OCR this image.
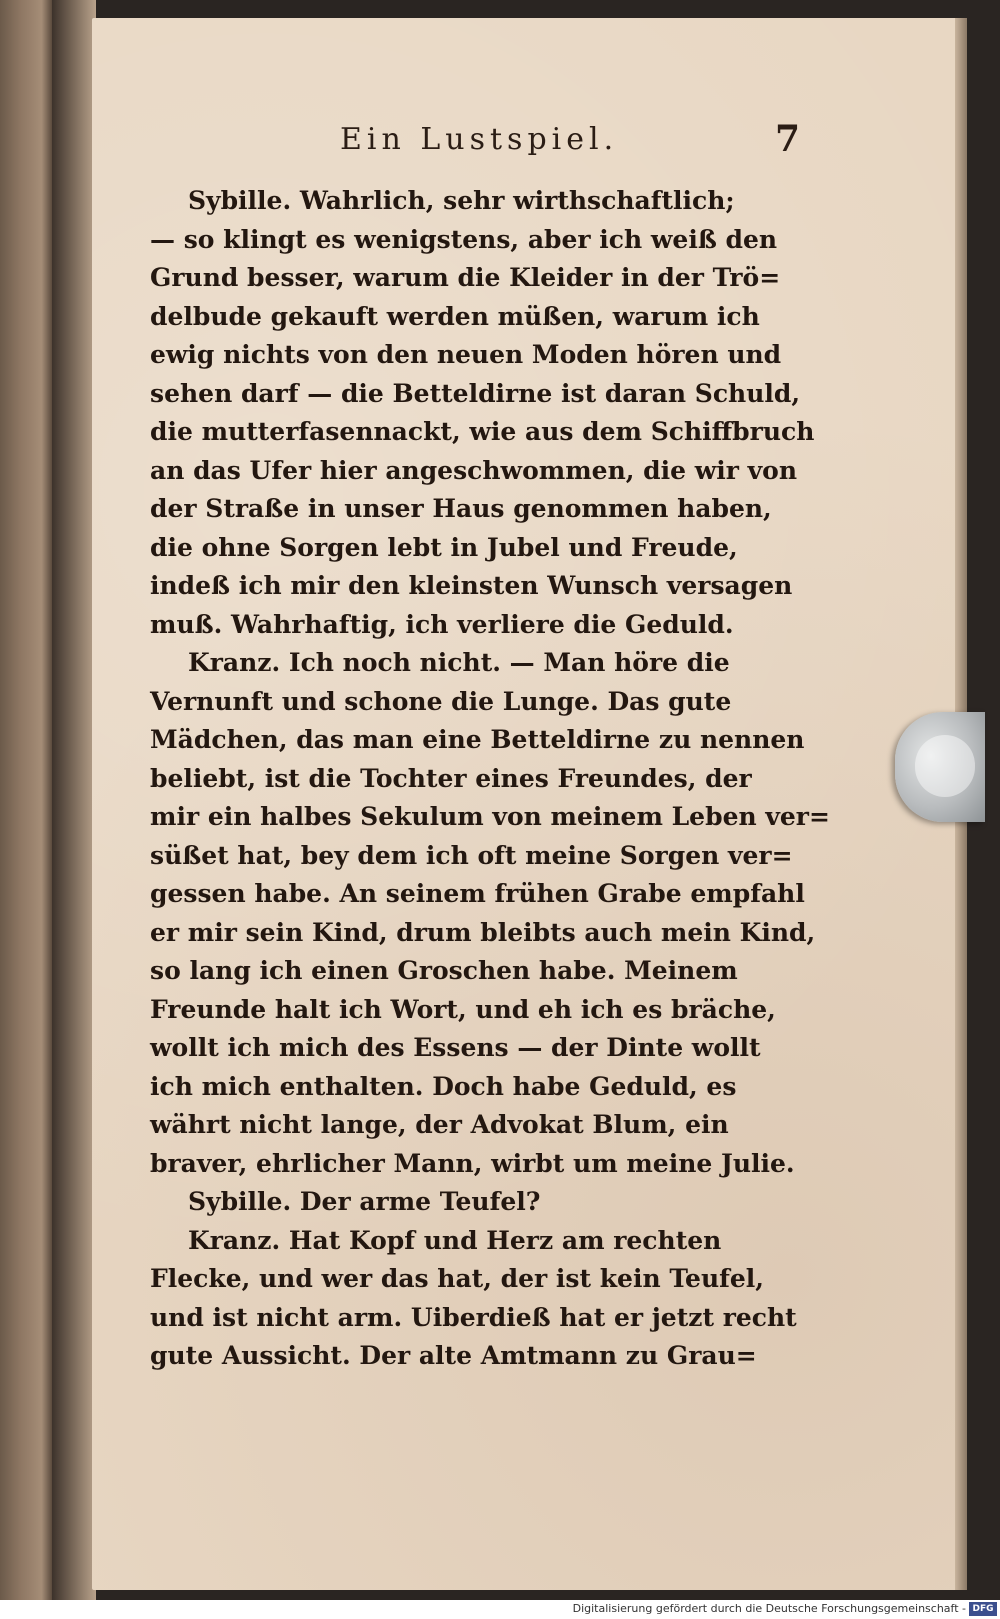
Ein Lustspiel.	7
Sybille. Wahrlich, sehr wirthschaftlich;
— so klingt es wenigstens, aber ich weiß den
Grund besser, warum die Kleider in der Trö=
delbude gekauft werden müßen, warum ich
ewig nichts von den neuen Moden hören und
sehen darf — die Betteldirne ist daran Schuld,
die mutterfasennackt, wie aus dem Schiffbruch
an das Ufer hier angeschwommen, die wir von
der Straße in unser Haus genommen haben,
die ohne Sorgen lebt in Jubel und Freude,
indeß ich mir den kleinsten Wunsch versagen
muß. Wahrhaftig, ich verliere die Geduld.
Kranz. Ich noch nicht. — Man höre die
Vernunft und schone die Lunge. Das gute
Mädchen, das man eine Betteldirne zu nennen
beliebt, ist die Tochter eines Freundes, der
mir ein halbes Sekulum von meinem Leben ver=
süßet hat, bey dem ich oft meine Sorgen ver=
gessen habe. An seinem frühen Grabe empfahl
er mir sein Kind, drum bleibts auch mein Kind,
so lang ich einen Groschen habe. Meinem
Freunde halt ich Wort, und eh ich es bräche,
wollt ich mich des Essens — der Dinte wollt
ich mich enthalten. Doch habe Geduld, es
währt nicht lange, der Advokat Blum, ein
braver, ehrlicher Mann, wirbt um meine Julie.
Sybille. Der arme Teufel?
Kranz. Hat Kopf und Herz am rechten
Flecke, und wer das hat, der ist kein Teufel,
und ist nicht arm. Uiberdieß hat er jetzt recht
gute Aussicht. Der alte Amtmann zu Grau=
Digitalisierung gefördert durch die Deutsche Forschungsgemeinschaft - DFG
